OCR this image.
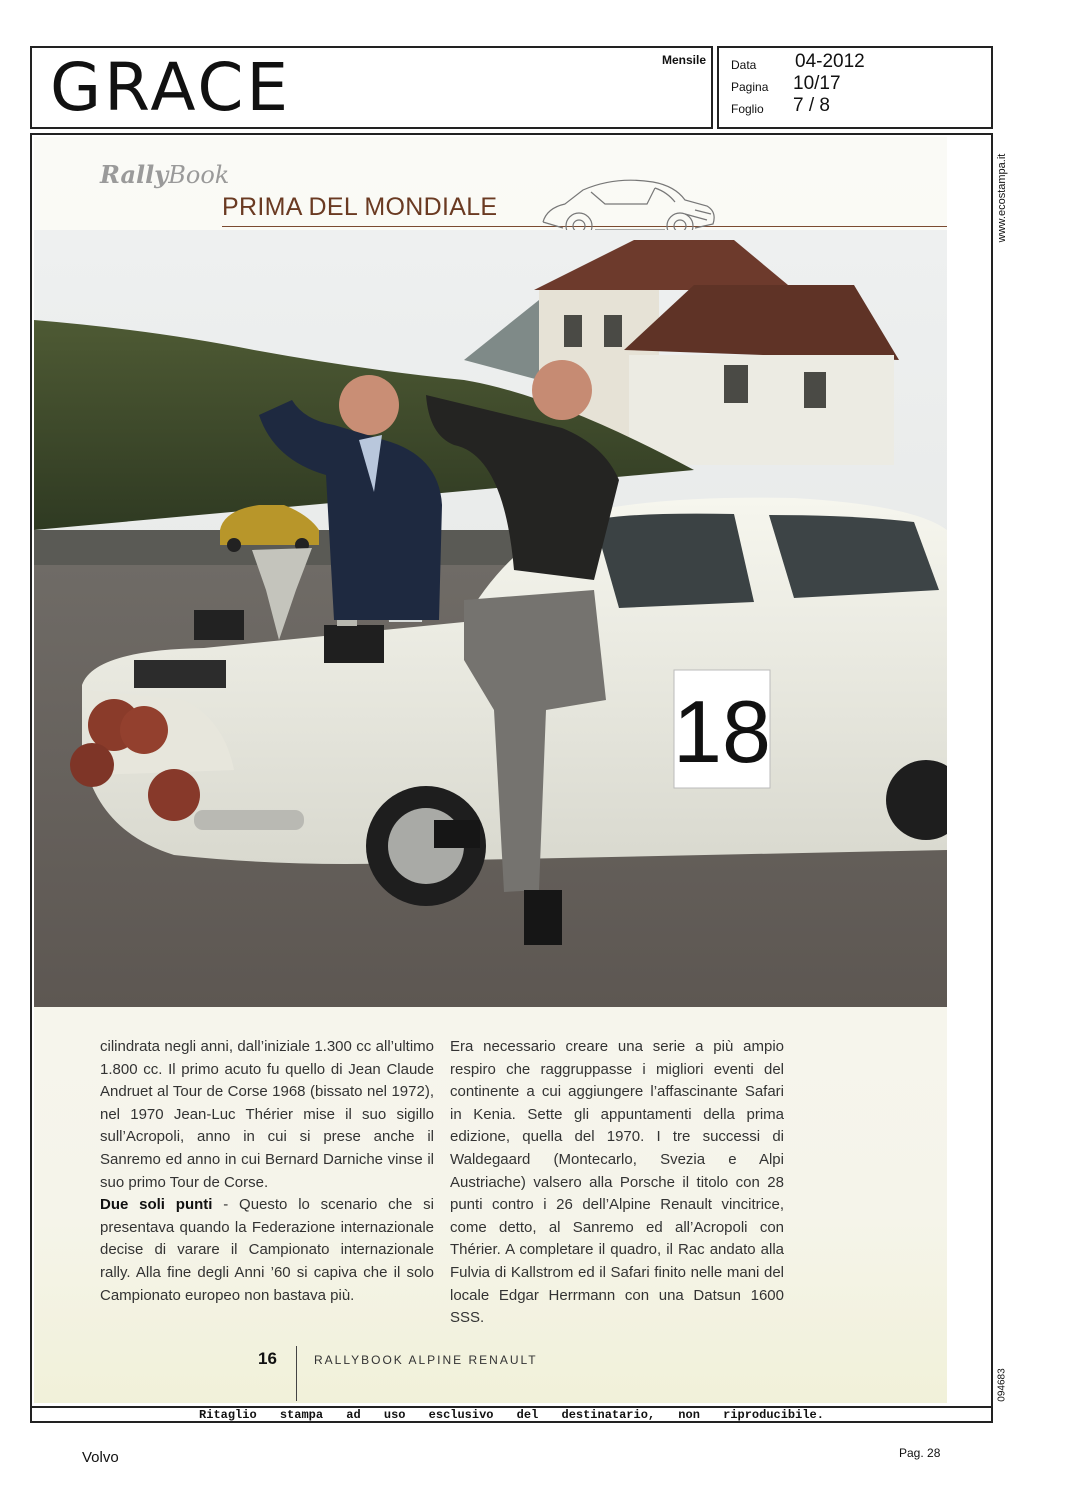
GRACE	Mensile Data 04-2012
Pagina 10/17
Foglio 7 / 8
www.ecostampa.it
094683
RallyBook
PRIMA DEL MONDIALE
18

cilindrata negli anni, dall’iniziale 1.300 cc all’ultimo 1.800 cc. Il primo acuto fu quello di Jean Claude Andruet al Tour de Corse 1968 (bissato nel 1972), nel 1970 Jean-Luc Thérier mise il suo sigillo sull’Acropoli, anno in cui si prese anche il Sanremo ed anno in cui Bernard Darniche vinse il suo primo Tour de Corse.

Due soli punti - Questo lo scenario che si presentava quando la Federazione internazionale decise di varare il Campionato internazionale rally. Alla fine degli Anni ’60 si capiva che il solo Campionato europeo non bastava più.

Era necessario creare una serie a più ampio respiro che raggruppasse i migliori eventi del continente a cui aggiungere l’affascinante Safari in Kenia. Sette gli appuntamenti della prima edizione, quella del 1970. I tre successi di Waldegaard (Montecarlo, Svezia e Alpi Austriache) valsero alla Porsche il titolo con 28 punti contro i 26 dell’Alpine Renault vincitrice, come detto, al Sanremo ed all’Acropoli con Thérier. A completare il quadro, il Rac andato alla Fulvia di Kallstrom ed il Safari finito nelle mani del locale Edgar Herrmann con una Datsun 1600 SSS.

16	RALLYBOOK ALPINE RENAULT
Ritaglio stampa ad uso esclusivo del destinatario, non riproducibile.
Volvo	Pag. 28
